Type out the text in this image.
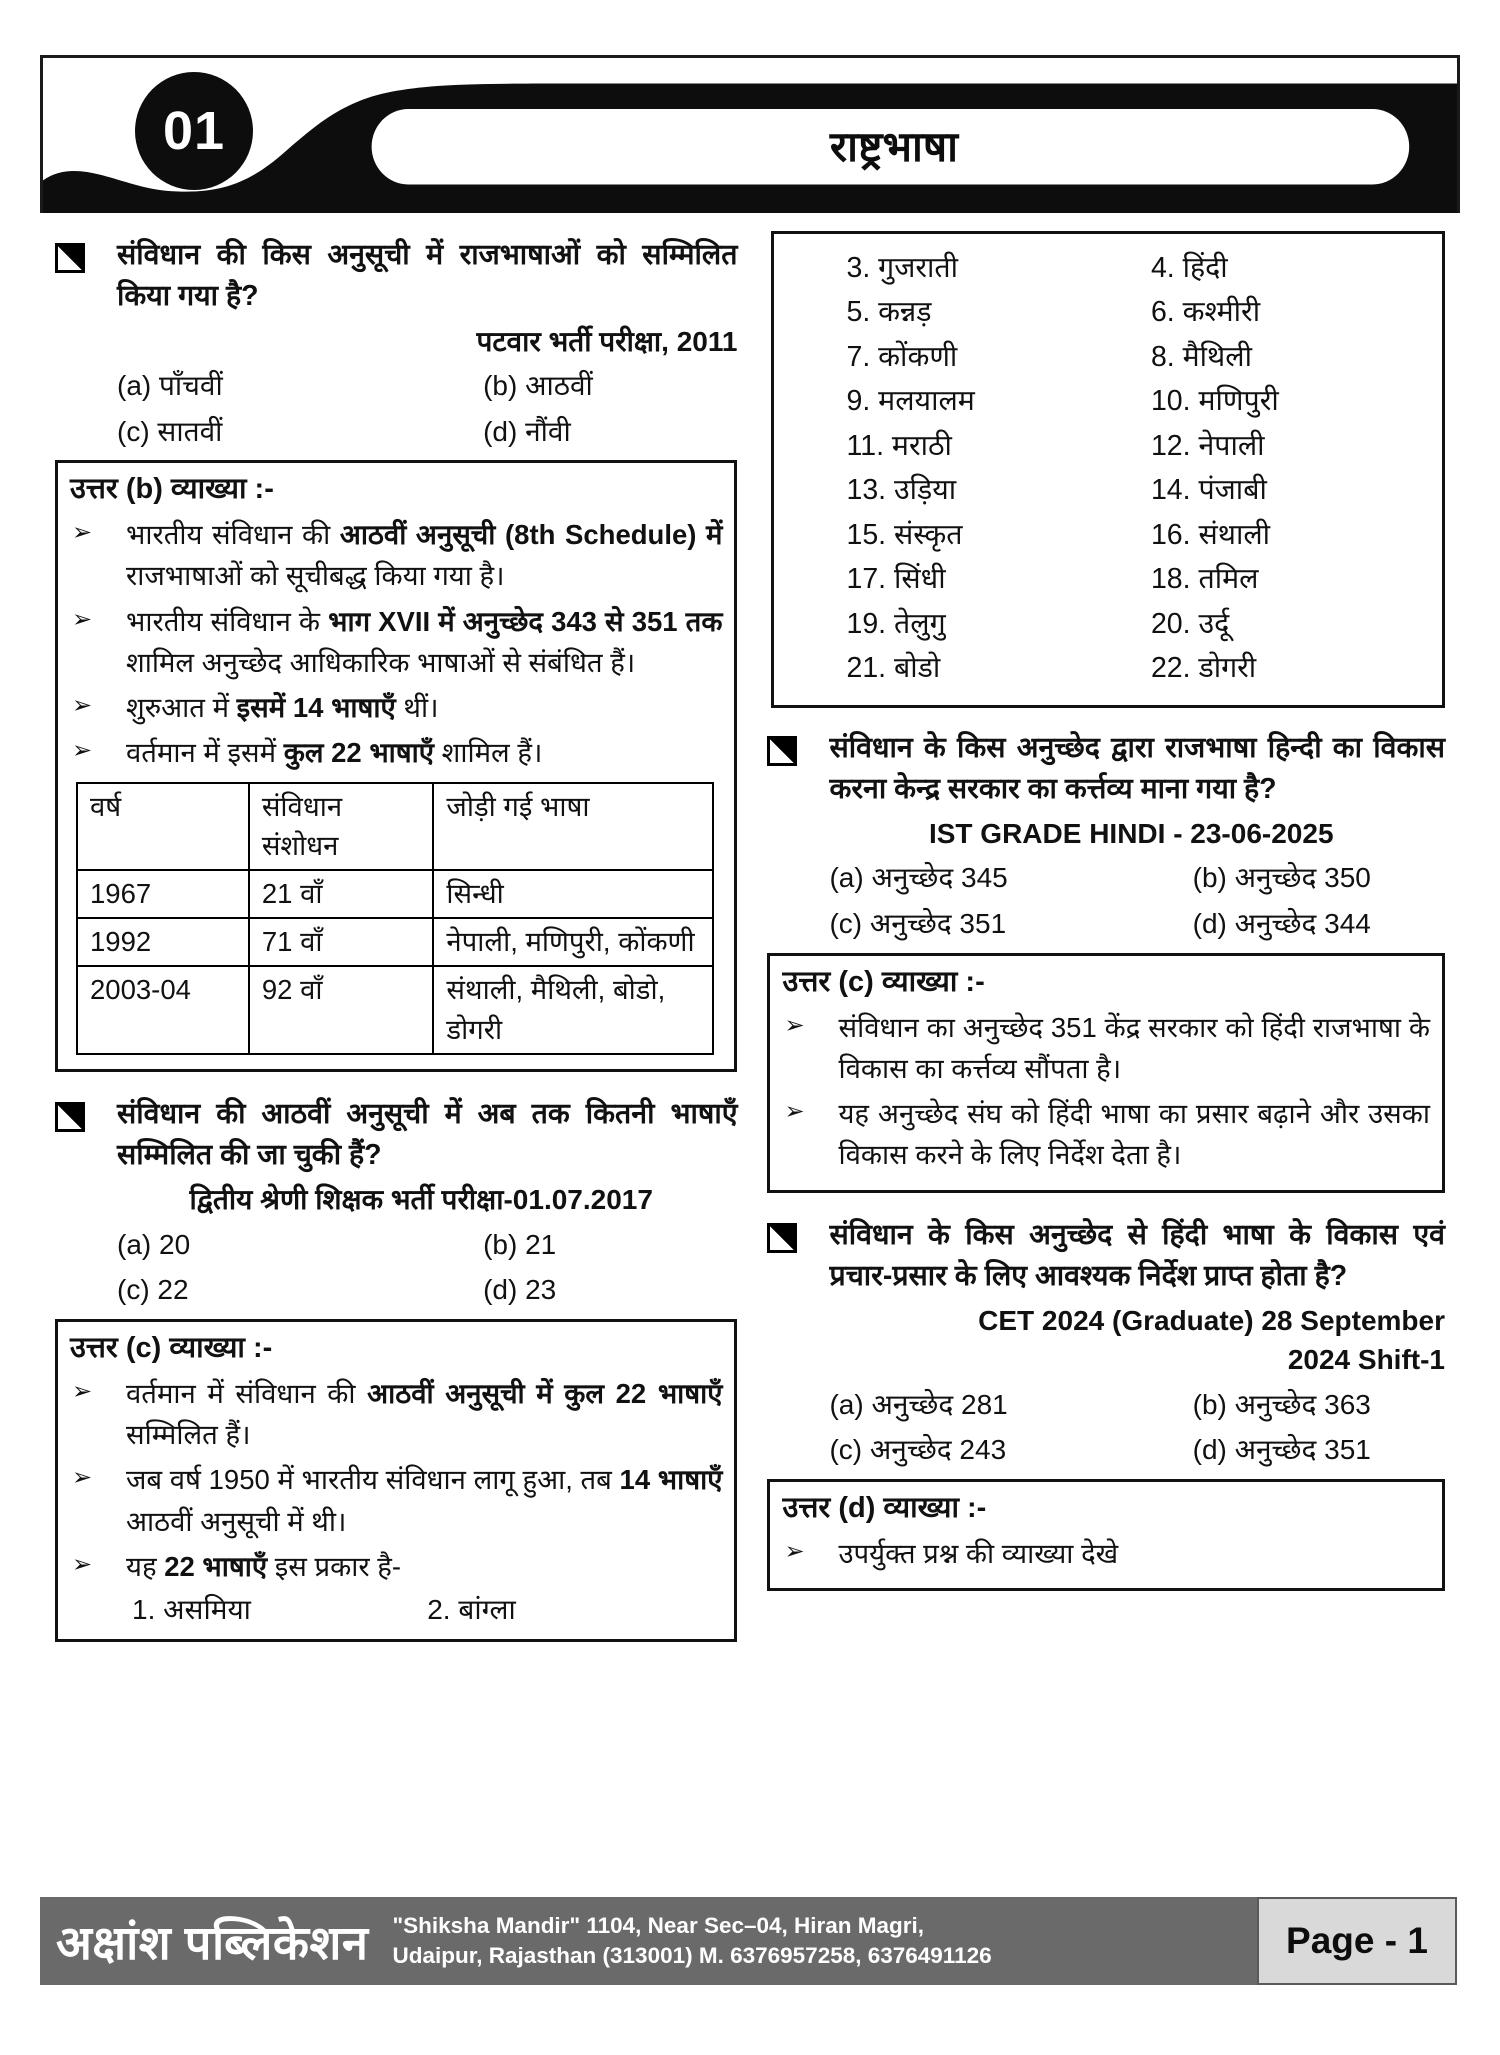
01	राष्ट्रभाषा
संविधान की किस अनुसूची में राजभाषाओं को सम्मिलित किया गया है?
पटवार भर्ती परीक्षा, 2011
(a) पाँचवीं	(b) आठवीं
(c) सातवीं	(d) नौंवी
उत्तर (b) व्याख्या :-
➢	भारतीय संविधान की आठवीं अनुसूची (8th Schedule) में राजभाषाओं को सूचीबद्ध किया गया है।
➢	भारतीय संविधान के भाग XVII में अनुच्छेद 343 से 351 तक शामिल अनुच्छेद आधिकारिक भाषाओं से संबंधित हैं।
➢	शुरुआत में इसमें 14 भाषाएँ थीं।
➢	वर्तमान में इसमें कुल 22 भाषाएँ शामिल हैं।
वर्ष	संविधान संशोधन	जोड़ी गई भाषा
1967	21 वाँ	सिन्धी
1992	71 वाँ	नेपाली, मणिपुरी, कोंकणी
2003-04	92 वाँ	संथाली, मैथिली, बोडो, डोगरी
संविधान की आठवीं अनुसूची में अब तक कितनी भाषाएँ सम्मिलित की जा चुकी हैं?
द्वितीय श्रेणी शिक्षक भर्ती परीक्षा-01.07.2017
(a) 20	(b) 21
(c) 22	(d) 23
उत्तर (c) व्याख्या :-
➢	वर्तमान में संविधान की आठवीं अनुसूची में कुल 22 भाषाएँ सम्मिलित हैं।
➢	जब वर्ष 1950 में भारतीय संविधान लागू हुआ, तब 14 भाषाएँ आठवीं अनुसूची में थी।
➢	यह 22 भाषाएँ इस प्रकार है-
1. असमिया	2. बांग्ला
3. गुजराती	4. हिंदी
5. कन्नड़	6. कश्मीरी
7. कोंकणी	8. मैथिली
9. मलयालम	10. मणिपुरी
11. मराठी	12. नेपाली
13. उड़िया	14. पंजाबी
15. संस्कृत	16. संथाली
17. सिंधी	18. तमिल
19. तेलुगु	20. उर्दू
21. बोडो	22. डोगरी
संविधान के किस अनुच्छेद द्वारा राजभाषा हिन्दी का विकास करना केन्द्र सरकार का कर्त्तव्य माना गया है?
IST GRADE HINDI - 23-06-2025
(a) अनुच्छेद 345	(b) अनुच्छेद 350
(c) अनुच्छेद 351	(d) अनुच्छेद 344
उत्तर (c) व्याख्या :-
➢	संविधान का अनुच्छेद 351 केंद्र सरकार को हिंदी राजभाषा के विकास का कर्त्तव्य सौंपता है।
➢	यह अनुच्छेद संघ को हिंदी भाषा का प्रसार बढ़ाने और उसका विकास करने के लिए निर्देश देता है।
संविधान के किस अनुच्छेद से हिंदी भाषा के विकास एवं प्रचार-प्रसार के लिए आवश्यक निर्देश प्राप्त होता है?
CET 2024 (Graduate) 28 September
2024 Shift-1
(a) अनुच्छेद 281	(b) अनुच्छेद 363
(c) अनुच्छेद 243	(d) अनुच्छेद 351
उत्तर (d) व्याख्या :-
➢	उपर्युक्त प्रश्न की व्याख्या देखे
अक्षांश पब्लिकेशन "Shiksha Mandir" 1104, Near Sec–04, Hiran Magri,
Udaipur, Rajasthan (313001) M. 6376957258, 6376491126	Page - 1
